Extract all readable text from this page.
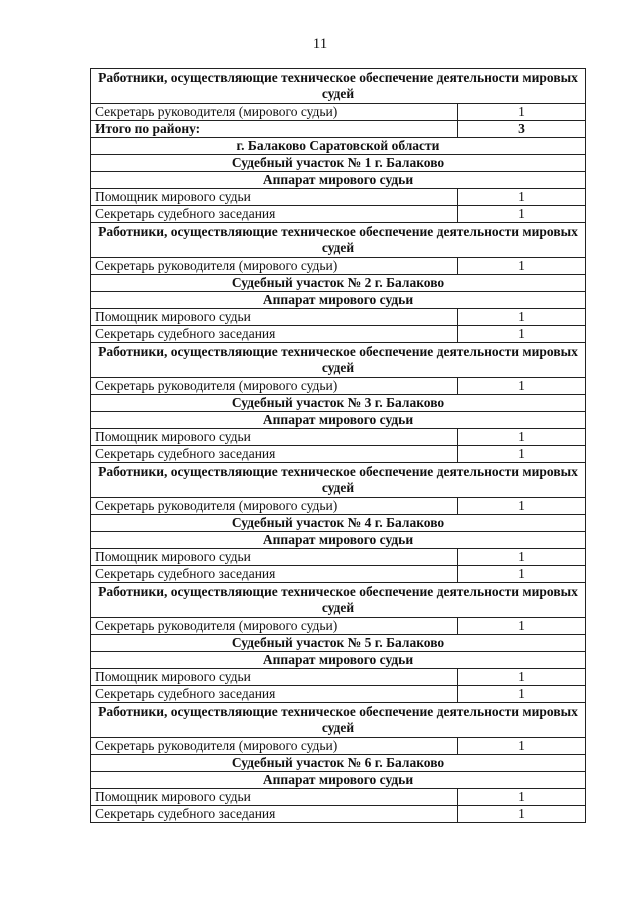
11
Работники, осуществляющие техническое обеспечение деятельности мировых судей	
Секретарь руководителя (мирового судьи)	1
Итого по району:	3
г. Балаково Саратовской области	
Судебный участок № 1 г. Балаково	
Аппарат мирового судьи	
Помощник мирового судьи	1
Секретарь судебного заседания	1
Работники, осуществляющие техническое обеспечение деятельности мировых судей	
Секретарь руководителя (мирового судьи)	1
Судебный участок № 2 г. Балаково	
Аппарат мирового судьи	
Помощник мирового судьи	1
Секретарь судебного заседания	1
Работники, осуществляющие техническое обеспечение деятельности мировых судей	
Секретарь руководителя (мирового судьи)	1
Судебный участок № 3 г. Балаково	
Аппарат мирового судьи	
Помощник мирового судьи	1
Секретарь судебного заседания	1
Работники, осуществляющие техническое обеспечение деятельности мировых судей	
Секретарь руководителя (мирового судьи)	1
Судебный участок № 4 г. Балаково	
Аппарат мирового судьи	
Помощник мирового судьи	1
Секретарь судебного заседания	1
Работники, осуществляющие техническое обеспечение деятельности мировых судей	
Секретарь руководителя (мирового судьи)	1
Судебный участок № 5 г. Балаково	
Аппарат мирового судьи	
Помощник мирового судьи	1
Секретарь судебного заседания	1
Работники, осуществляющие техническое обеспечение деятельности мировых судей	
Секретарь руководителя (мирового судьи)	1
Судебный участок № 6 г. Балаково	
Аппарат мирового судьи	
Помощник мирового судьи	1
Секретарь судебного заседания	1
